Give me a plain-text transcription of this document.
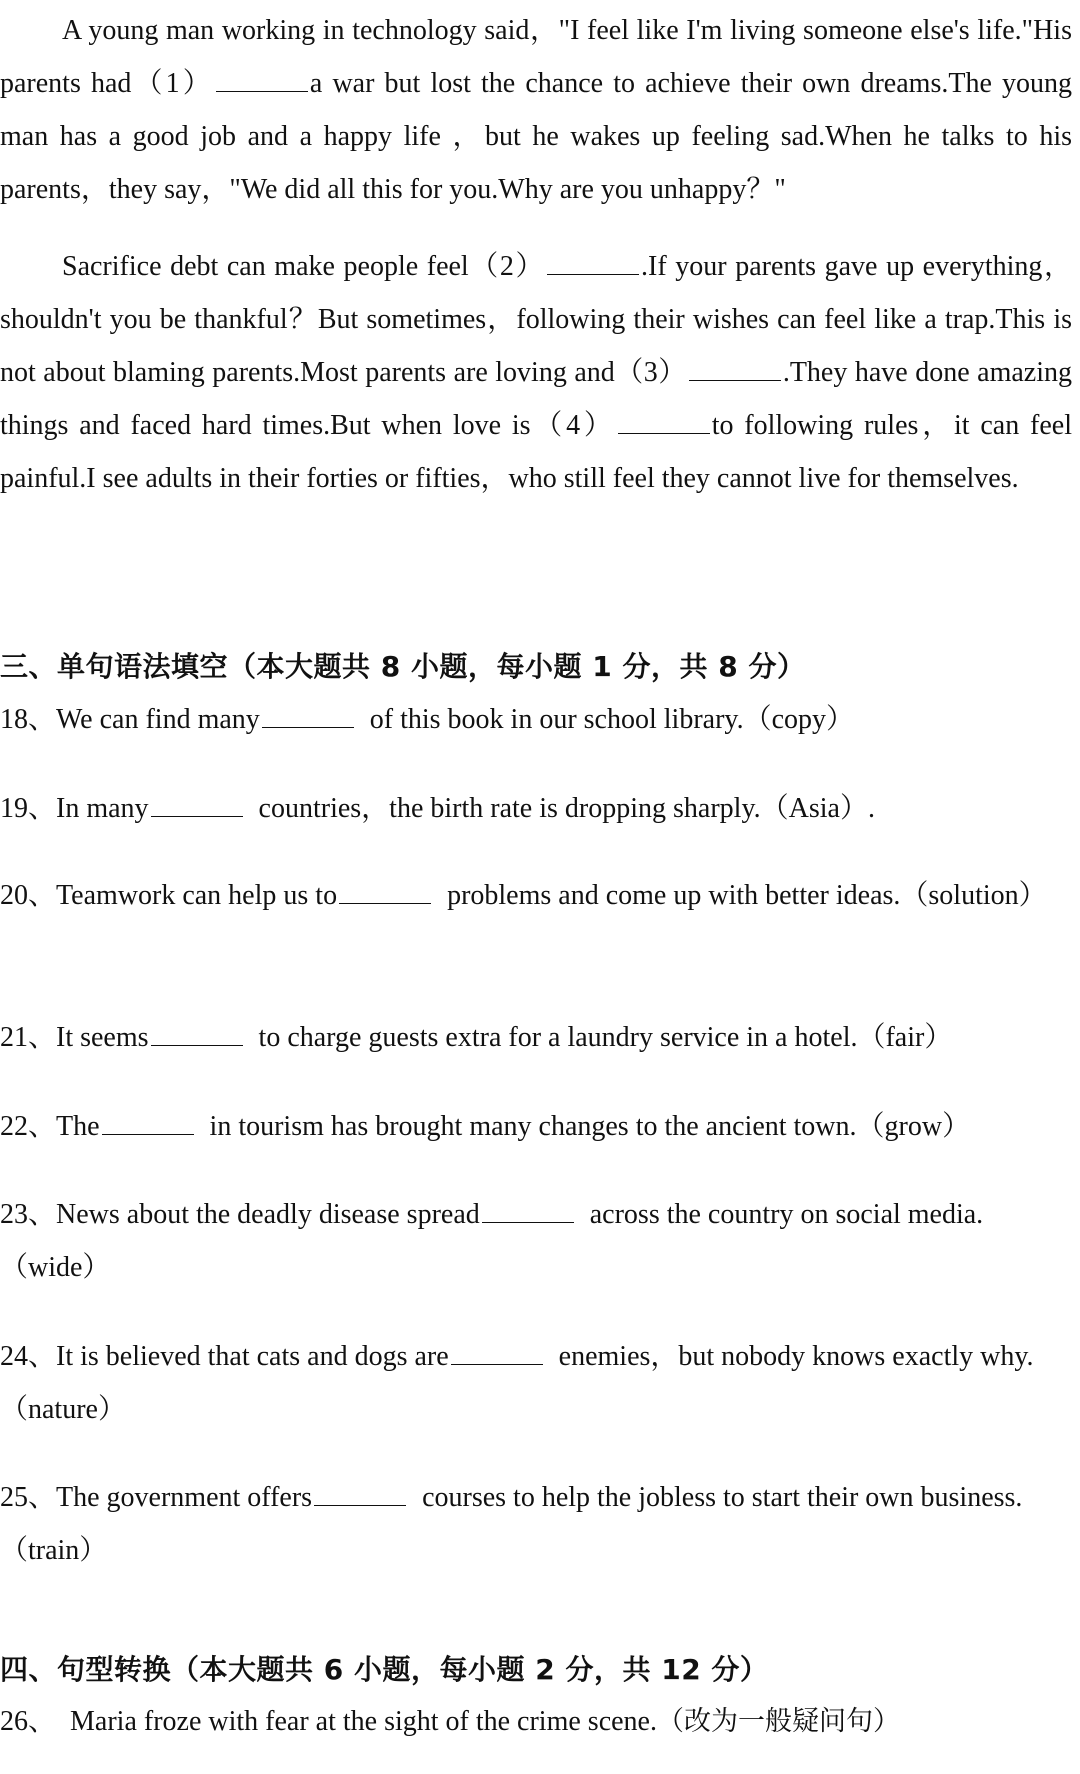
A young man working in technology said，"I feel like I'm living someone else's life."His parents had（1）	a war but lost the chance to achieve their own dreams.The young man has a good job and a happy life ，but he wakes up feeling sad.When he talks to his parents，they say，"We did all this for you.Why are you unhappy？"

Sacrifice debt can make people feel（2）	.If your parents gave up everything，shouldn't you be thankful？But sometimes，following their wishes can feel like a trap.This is not about blaming parents.Most parents are loving and（3）	.They have done amazing things and faced hard times.But when love is（4）	to following rules，it can feel painful.I see adults in their forties or fifties，who still feel they cannot live for themselves.

三、单句语法填空（本大题共 8 小题，每小题 1 分，共 8 分）

18、We can find many	of this book in our school library.（copy）

19、In many	countries，the birth rate is dropping sharply.（Asia）.

20、Teamwork can help us to	problems and come up with better ideas.（solution）

21、It seems	to charge guests extra for a laundry service in a hotel.（fair）

22、The	in tourism has brought many changes to the ancient town.（grow）

23、News about the deadly disease spread	across the country on social media.（wide）

24、It is believed that cats and dogs are	enemies，but nobody knows exactly why.（nature）

25、The government offers	courses to help the jobless to start their own business.（train）

四、句型转换（本大题共 6 小题，每小题 2 分，共 12 分）

26、 Maria froze with fear at the sight of the crime scene.（改为一般疑问句）
